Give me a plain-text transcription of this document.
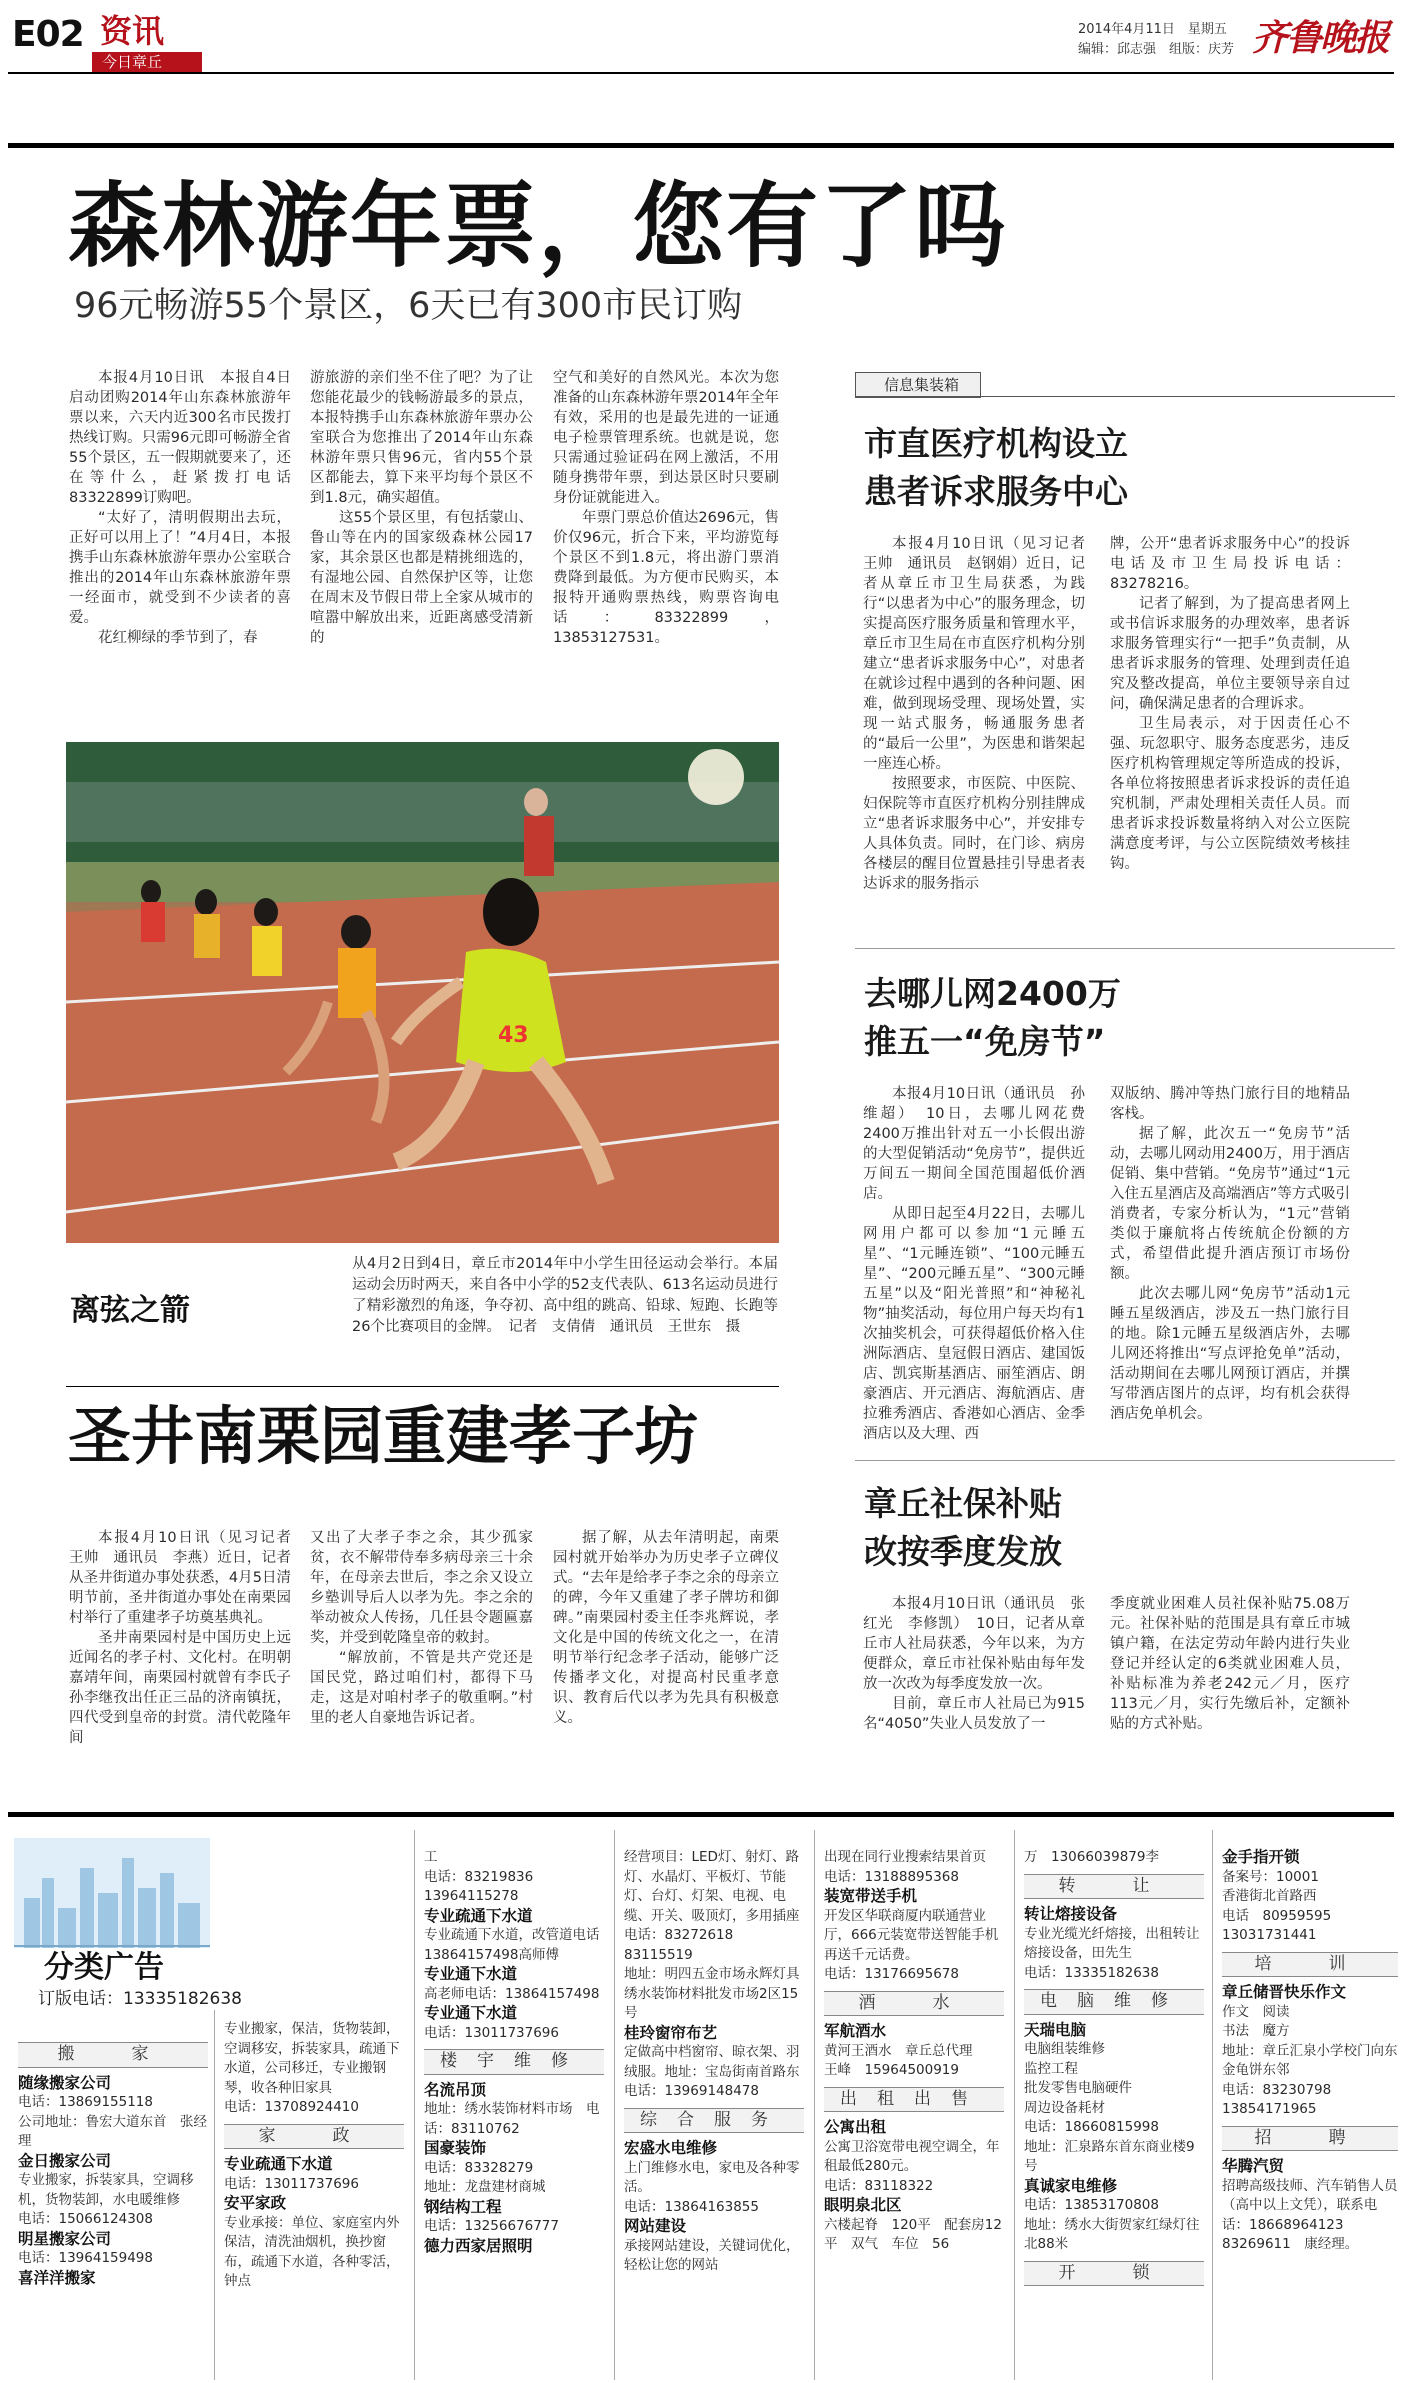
E02 资讯
今日章丘
2014年4月11日　星期五
编辑：邱志强　组版：庆芳 齐鲁晚报
森林游年票，您有了吗
96元畅游55个景区，6天已有300市民订购

本报4月10日讯　本报自4日启动团购2014年山东森林旅游年票以来，六天内近300名市民拨打热线订购。只需96元即可畅游全省55个景区，五一假期就要来了，还在等什么，赶紧拨打电话83322899订购吧。

“太好了，清明假期出去玩，正好可以用上了！”4月4日，本报携手山东森林旅游年票办公室联合推出的2014年山东森林旅游年票一经面市，就受到不少读者的喜爱。

花红柳绿的季节到了，春

游旅游的亲们坐不住了吧？为了让您能花最少的钱畅游最多的景点，本报特携手山东森林旅游年票办公室联合为您推出了2014年山东森林游年票只售96元，省内55个景区都能去，算下来平均每个景区不到1.8元，确实超值。

这55个景区里，有包括蒙山、鲁山等在内的国家级森林公园17家，其余景区也都是精挑细选的，有湿地公园、自然保护区等，让您在周末及节假日带上全家从城市的喧嚣中解放出来，近距离感受清新的

空气和美好的自然风光。本次为您准备的山东森林游年票2014年全年有效，采用的也是最先进的一证通电子检票管理系统。也就是说，您只需通过验证码在网上激活，不用随身携带年票，到达景区时只要刷身份证就能进入。

年票门票总价值达2696元，售价仅96元，折合下来，平均游览每个景区不到1.8元，将出游门票消费降到最低。为方便市民购买，本报特开通购票热线，购票咨询电话：83322899，13853127531。

43
离弦之箭
从4月2日到4日，章丘市2014年中小学生田径运动会举行。本届运动会历时两天，来自各中小学的52支代表队、613名运动员进行了精彩激烈的角逐，争夺初、高中组的跳高、铅球、短跑、长跑等26个比赛项目的金牌。　记者　支倩倩　通讯员　王世东　摄
圣井南栗园重建孝子坊

本报4月10日讯（见习记者　王帅　通讯员　李燕）近日，记者从圣井街道办事处获悉，4月5日清明节前，圣井街道办事处在南栗园村举行了重建孝子坊奠基典礼。

圣井南栗园村是中国历史上远近闻名的孝子村、文化村。在明朝嘉靖年间，南栗园村就曾有李氏子孙李继孜出任正三品的济南镇抚，四代受到皇帝的封赏。清代乾隆年间

又出了大孝子李之余，其少孤家贫，衣不解带侍奉多病母亲三十余年，在母亲去世后，李之余又设立乡塾训导后人以孝为先。李之余的举动被众人传扬，几任县令题匾嘉奖，并受到乾隆皇帝的敕封。

“解放前，不管是共产党还是国民党，路过咱们村，都得下马走，这是对咱村孝子的敬重啊。”村里的老人自豪地告诉记者。

据了解，从去年清明起，南栗园村就开始举办为历史孝子立碑仪式。“去年是给孝子李之余的母亲立的碑，今年又重建了孝子牌坊和御碑。”南栗园村委主任李兆辉说，孝文化是中国的传统文化之一，在清明节举行纪念孝子活动，能够广泛传播孝文化，对提高村民重孝意识、教育后代以孝为先具有积极意义。

信息集装箱
市直医疗机构设立
患者诉求服务中心

本报4月10日讯（见习记者　王帅　通讯员　赵钢娟）近日，记者从章丘市卫生局获悉，为践行“以患者为中心”的服务理念，切实提高医疗服务质量和管理水平，章丘市卫生局在市直医疗机构分别建立“患者诉求服务中心”，对患者在就诊过程中遇到的各种问题、困难，做到现场受理、现场处置，实现一站式服务，畅通服务患者的“最后一公里”，为医患和谐架起一座连心桥。

按照要求，市医院、中医院、妇保院等市直医疗机构分别挂牌成立“患者诉求服务中心”，并安排专人具体负责。同时，在门诊、病房各楼层的醒目位置悬挂引导患者表达诉求的服务指示

牌，公开“患者诉求服务中心”的投诉电话及市卫生局投诉电话：83278216。

记者了解到，为了提高患者网上或书信诉求服务的办理效率，患者诉求服务管理实行“一把手”负责制，从患者诉求服务的管理、处理到责任追究及整改提高，单位主要领导亲自过问，确保满足患者的合理诉求。

卫生局表示，对于因责任心不强、玩忽职守、服务态度恶劣，违反医疗机构管理规定等所造成的投诉，各单位将按照患者诉求投诉的责任追究机制，严肃处理相关责任人员。而患者诉求投诉数量将纳入对公立医院满意度考评，与公立医院绩效考核挂钩。

去哪儿网2400万
推五一“免房节”

本报4月10日讯（通讯员　孙维超）　10日，去哪儿网花费2400万推出针对五一小长假出游的大型促销活动“免房节”，提供近万间五一期间全国范围超低价酒店。

从即日起至4月22日，去哪儿网用户都可以参加“1元睡五星”、“1元睡连锁”、“100元睡五星”、“200元睡五星”、“300元睡五星”以及“阳光普照”和“神秘礼物”抽奖活动，每位用户每天均有1次抽奖机会，可获得超低价格入住洲际酒店、皇冠假日酒店、建国饭店、凯宾斯基酒店、丽笙酒店、朗豪酒店、开元酒店、海航酒店、唐拉雅秀酒店、香港如心酒店、金季酒店以及大理、西

双版纳、腾冲等热门旅行目的地精品客栈。

据了解，此次五一“免房节”活动，去哪儿网动用2400万，用于酒店促销、集中营销。“免房节”通过“1元入住五星酒店及高端酒店”等方式吸引消费者，专家分析认为，“1元”营销类似于廉航将占传统航企份额的方式，希望借此提升酒店预订市场份额。

此次去哪儿网“免房节”活动1元睡五星级酒店，涉及五一热门旅行目的地。除1元睡五星级酒店外，去哪儿网还将推出“写点评抢免单”活动，活动期间在去哪儿网预订酒店，并撰写带酒店图片的点评，均有机会获得酒店免单机会。

章丘社保补贴
改按季度发放

本报4月10日讯（通讯员　张红光　李修凯）　10日，记者从章丘市人社局获悉，今年以来，为方便群众，章丘市社保补贴由每年发放一次改为每季度发放一次。

目前，章丘市人社局已为915名“4050”失业人员发放了一

季度就业困难人员社保补贴75.08万元。社保补贴的范围是具有章丘市城镇户籍，在法定劳动年龄内进行失业登记并经认定的6类就业困难人员，补贴标准为养老242元／月，医疗113元／月，实行先缴后补，定额补贴的方式补贴。

分类广告
订版电话：13335182638
搬　家
随缘搬家公司
电话：13869155118
公司地址：鲁宏大道东首　张经理
金日搬家公司
专业搬家，拆装家具，空调移机，货物装卸，水电暖维修
电话：15066124308
明星搬家公司
电话：13964159498
喜洋洋搬家
专业搬家，保洁，货物装卸，空调移安，拆装家具，疏通下水道，公司移迁，专业搬钢琴，收各种旧家具
电话：13708924410
家　政
专业疏通下水道
电话：13011737696
安平家政
专业承接：单位、家庭室内外保洁，清洗油烟机，换抄窗布，疏通下水道，各种零活，钟点
工
电话：83219836
13964115278
专业疏通下水道
专业疏通下水道，改管道电话13864157498高师傅
专业通下水道
高老师电话：13864157498
专业通下水道
电话：13011737696
楼宇维修
名流吊顶
地址：绣水装饰材料市场　电话：83110762
国豪装饰
电话：83328279
地址：龙盘建材商城
钢结构工程
电话：13256676777
德力西家居照明
经营项目：LED灯、射灯、路灯、水晶灯、平板灯、节能灯、台灯、灯架、电视、电缆、开关、吸顶灯，多用插座
电话：83272618　83115519
地址：明四五金市场永辉灯具绣水装饰材料批发市场2区15号
桂玲窗帘布艺
定做高中档窗帘、晾衣架、羽绒服。地址：宝岛街南首路东
电话：13969148478
综合服务
宏盛水电维修
上门维修水电，家电及各种零活。
电话：13864163855
网站建设
承接网站建设，关键词优化，轻松让您的网站
出现在同行业搜索结果首页
电话：13188895368
装宽带送手机
开发区华联商厦内联通营业厅，666元装宽带送智能手机再送千元话费。
电话：13176695678
酒　水
军航酒水
黄河王酒水　章丘总代理
王峰　15964500919
出租出售
公寓出租
公寓卫浴宽带电视空调全，年租最低280元。
电话：83118322
眼明泉北区
六楼起脊　120平　配套房12平　双气　车位　56
万　13066039879李
转　让
转让熔接设备
专业光缆光纤熔接，出租转让熔接设备，田先生
电话：13335182638
电脑维修
天瑞电脑
电脑组装维修
监控工程
批发零售电脑硬件
周边设备耗材
电话：18660815998
地址：汇泉路东首东商业楼9号
真诚家电维修
电话：13853170808
地址：绣水大街贺家红绿灯往北88米
开　锁
金手指开锁
备案号：10001
香港街北首路西
电话　80959595　13031731441
培　训
章丘储晋快乐作文
作文　阅读
书法　魔方
地址：章丘汇泉小学校门向东金龟饼东邻
电话：83230798
13854171965
招　聘
华腾汽贸
招聘高级技师、汽车销售人员（高中以上文凭），联系电话：18668964123　83269611　康经理。
